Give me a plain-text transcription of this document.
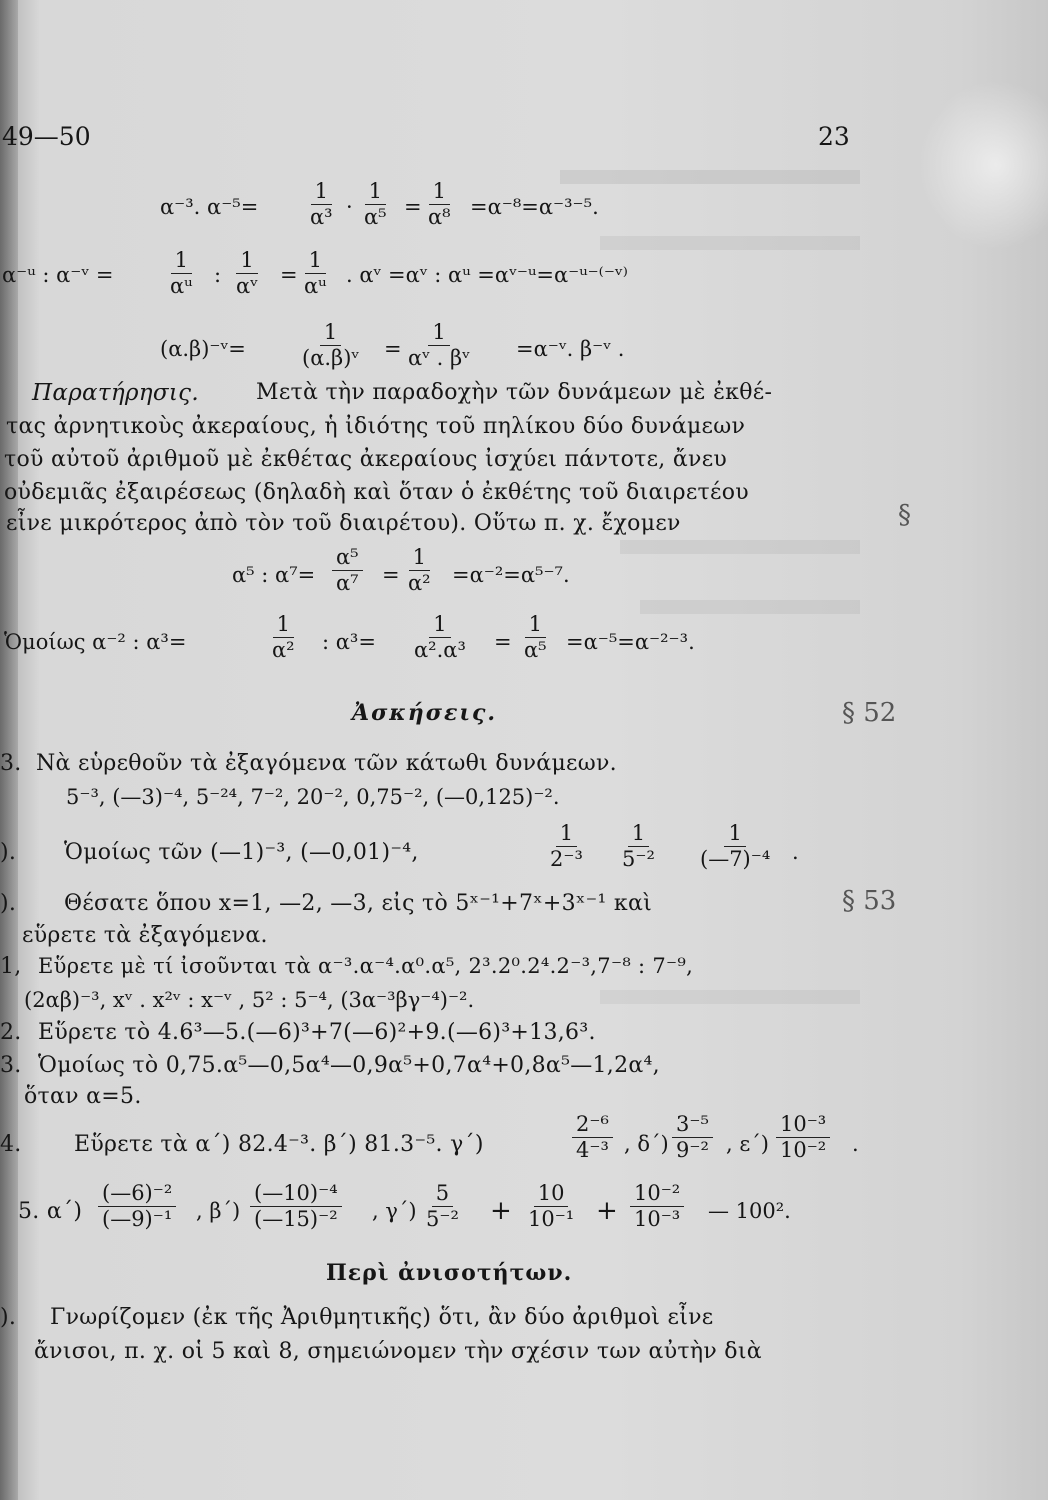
49—50	23
α⁻³. $\alpha^{-5}= \frac{1}{\text{α³}} \cdot \frac{1}{\text{α⁵}} = \frac{1}{\text{α⁸}} =\alpha^{-8}=\alpha^{-3-5}$.
α⁻ᵘ : α⁻ᵛ =	$\frac{1}{\text{αᵘ}}$ : $\frac{1}{\text{αᵛ}} = \frac{1}{\text{αᵘ}}$ . αᵛ =αᵛ : αᵘ =αᵛ⁻ᵘ=α⁻ᵘ⁻⁽⁻ᵛ⁾
(α.β)⁻ᵛ= $\frac{1}{\text{(α.β)ᵛ}} = \frac{1}{\text{αᵛ . βᵛ}}$ =α⁻ᵛ. β⁻ᵛ .
Παρατήρησις.	Μετὰ τὴν παραδοχὴν τῶν δυνάμεων μὲ ἐκθέ-
τας ἀρνητικοὺς ἀκεραίους, ἡ ἰδιότης τοῦ πηλίκου δύο δυνάμεων
τοῦ αὐτοῦ ἀριθμοῦ μὲ ἐκθέτας ἀκεραίους ἰσχύει πάντοτε, ἄνευ
οὐδεμιᾶς ἐξαιρέσεως (δηλαδὴ καὶ ὅταν ὁ ἐκθέτης τοῦ διαιρετέου
εἶνε μικρότερος ἀπὸ τὸν τοῦ διαιρέτου). Οὕτω π. χ. ἔχομεν
α⁵ : $\alpha^7= \frac{\text{α⁵}}{\text{α⁷}} = \frac{1}{\text{α²}} =\alpha^{-2}=\alpha^{5-7}$.
Ὁμοίως α⁻² : α³=	$\frac{1}{\text{α²}}$ : $\alpha^3= \frac{1}{\text{α².α³}} = \frac{1}{\text{α⁵}} =\alpha^{-5}=\alpha^{-2-3}$.
Ἀσκήσεις.
3. Νὰ εὑρεθοῦν τὰ ἐξαγόμενα τῶν κάτωθι δυνάμεων.
5⁻³, (—3)⁻⁴, 5⁻²⁴, 7⁻², 20⁻², 0,75⁻², (—0,125)⁻².
). Ὁμοίως τῶν (—1)⁻³, (—0,01)⁻⁴,	$\frac{1}{\text{2⁻³}} \frac{1}{\text{5⁻²}} \frac{1}{\text{(—7)⁻⁴}}$ .
). Θέσατε ὅπου x=1, —2, —3, εἰς τὸ 5ˣ⁻¹+7ˣ+3ˣ⁻¹ καὶ
εὕρετε τὰ ἐξαγόμενα.
1, Εὕρετε μὲ τί ἰσοῦνται τὰ α⁻³.α⁻⁴.α⁰.α⁵, 2³.2⁰.2⁴.2⁻³,7⁻⁸ : 7⁻⁹,
(2αβ)⁻³, xᵛ . x²ᵛ : x⁻ᵛ , 5² : 5⁻⁴, (3α⁻³βγ⁻⁴)⁻².
2. Εὕρετε τὸ 4.6³—5.(—6)³+7(—6)²+9.(—6)³+13,6³.
3. Ὁμοίως τὸ 0,75.α⁵—0,5α⁴—0,9α⁵+0,7α⁴+0,8α⁵—1,2α⁴,
ὅταν α=5.
4. Εὕρετε τὰ α΄) 82.4⁻³. β΄) 81.3⁻⁵. γ΄)	$\frac{\text{2⁻⁶}}{\text{4⁻³}}$ , $\delta΄) \frac{\text{3⁻⁵}}{\text{9⁻²}}$ , $\varepsilon΄) \frac{\text{10⁻³}}{\text{10⁻²}}$ .
5. $\alpha΄) \frac{\text{(—6)⁻²}}{\text{(—9)⁻¹}}$ , $\beta΄) \frac{\text{(—10)⁻⁴}}{\text{(—15)⁻²}}$ , $\gamma΄) \frac{5}{\text{5⁻²}} + \frac{10}{\text{10⁻¹}} + \frac{\text{10⁻²}}{\text{10⁻³}}$ — 100².
Περὶ ἀνισοτήτων.
). Γνωρίζομεν (ἐκ τῆς Ἀριθμητικῆς) ὅτι, ἂν δύο ἀριθμοὶ εἶνε
ἄνισοι, π. χ. οἱ 5 καὶ 8, σημειώνομεν τὴν σχέσιν των αὐτὴν διὰ
§
§ 52
§ 53
